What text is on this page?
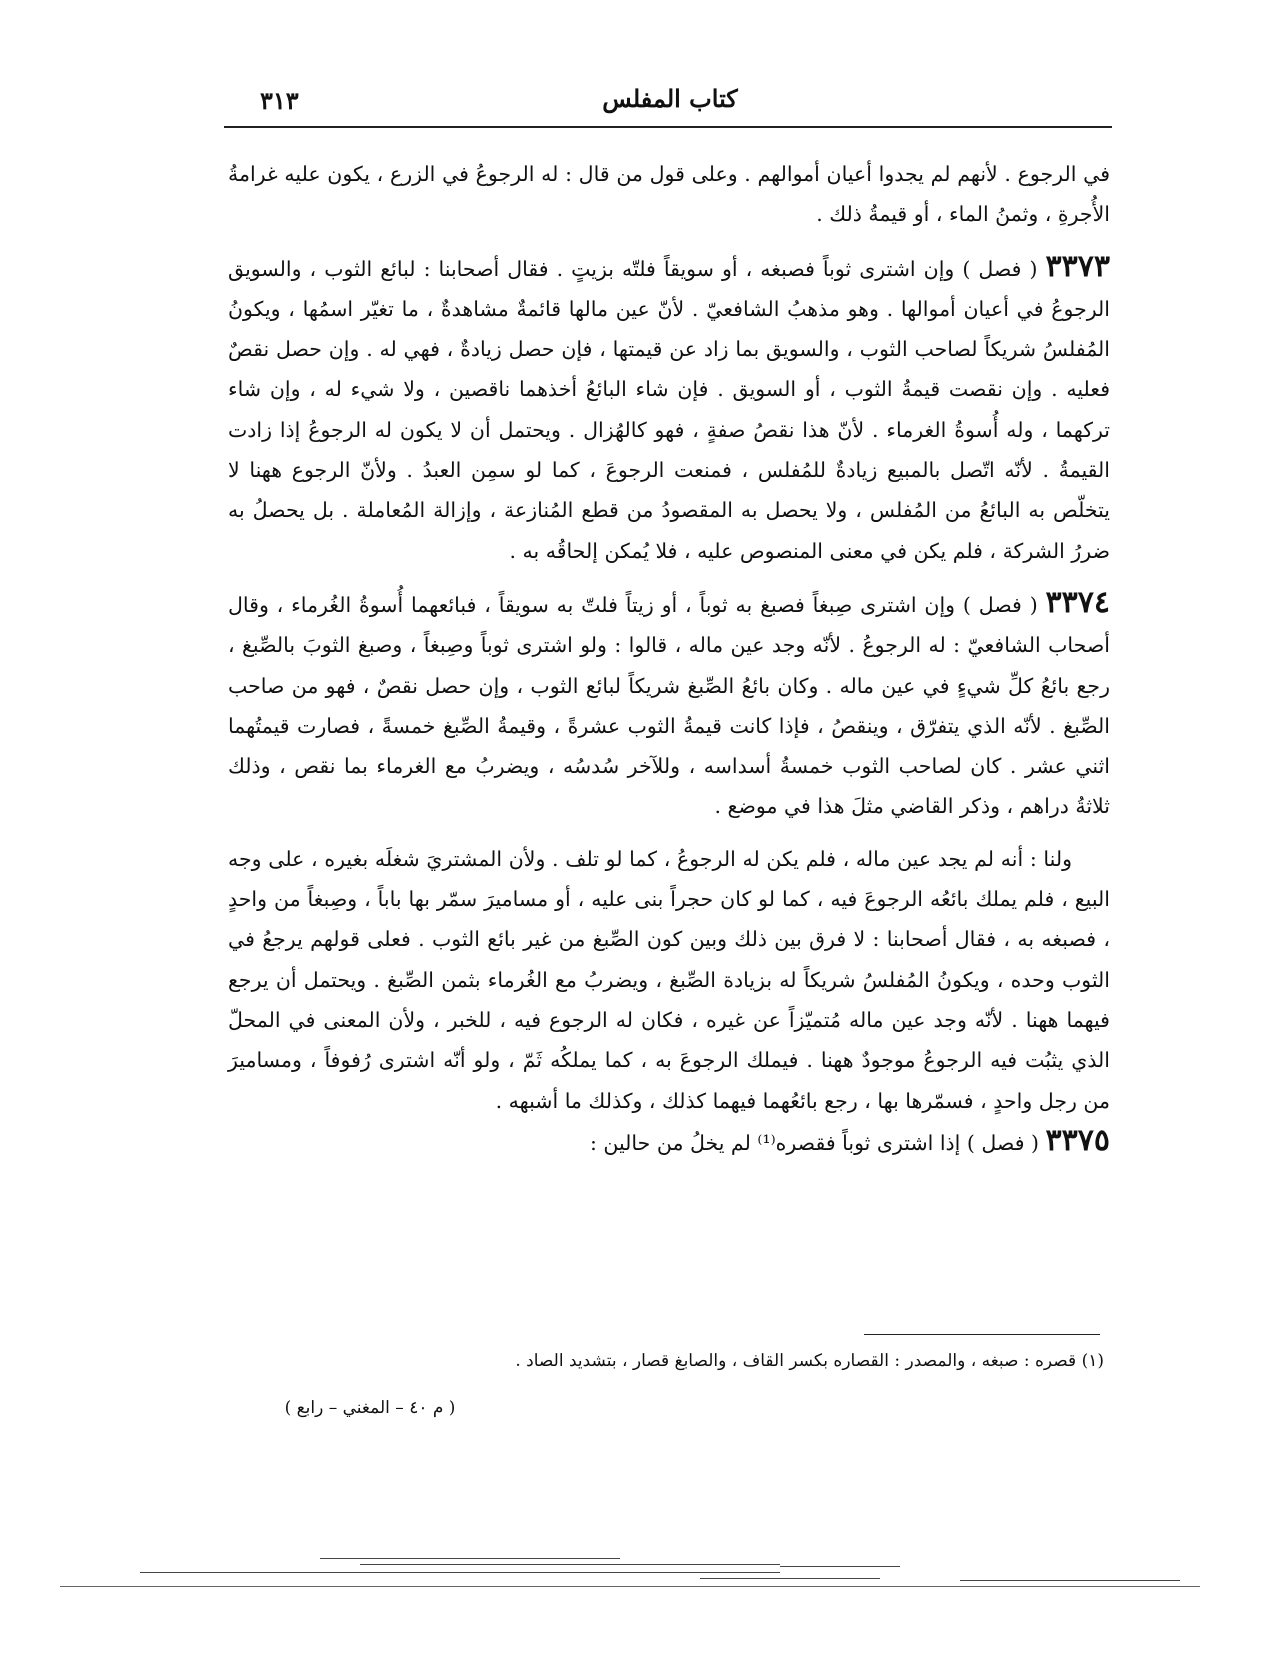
كتاب المفلس
٣١٣

في الرجوع . لأنهم لم يجدوا أعيان أموالهم . وعلى قول من قال : له الرجوعُ في الزرع ، يكون عليه غرامةُ الأُجرةِ ، وثمنُ الماء ، أو قيمةُ ذلك .

٣٣٧٣ ( فصل ) وإن اشترى ثوباً فصبغه ، أو سويقاً فلتّه بزيتٍ . فقال أصحابنا : لبائع الثوب ، والسويق الرجوعُ في أعيان أموالها . وهو مذهبُ الشافعيّ . لأنّ عين مالها قائمةٌ مشاهدةٌ ، ما تغيّر اسمُها ، ويكونُ المُفلسُ شريكاً لصاحب الثوب ، والسويق بما زاد عن قيمتها ، فإن حصل زيادةٌ ، فهي له . وإن حصل نقصٌ فعليه . وإن نقصت قيمةُ الثوب ، أو السويق . فإن شاء البائعُ أخذهما ناقصين ، ولا شيء له ، وإن شاء تركهما ، وله أُسوةُ الغرماء . لأنّ هذا نقصُ صفةٍ ، فهو كالهُزال . ويحتمل أن لا يكون له الرجوعُ إذا زادت القيمةُ . لأنّه اتّصل بالمبيع زيادةٌ للمُفلس ، فمنعت الرجوعَ ، كما لو سمِن العبدُ . ولأنّ الرجوع ههنا لا يتخلّص به البائعُ من المُفلس ، ولا يحصل به المقصودُ من قطع المُنازعة ، وإزالة المُعاملة . بل يحصلُ به ضررُ الشركة ، فلم يكن في معنى المنصوص عليه ، فلا يُمكن إلحاقُه به .

٣٣٧٤ ( فصل ) وإن اشترى صِبغاً فصبغ به ثوباً ، أو زيتاً فلتّ به سويقاً ، فبائعهما أُسوةُ الغُرماء ، وقال أصحاب الشافعيّ : له الرجوعُ . لأنّه وجد عين ماله ، قالوا : ولو اشترى ثوباً وصِبغاً ، وصبغ الثوبَ بالصِّبغ ، رجع بائعُ كلِّ شيءٍ في عين ماله . وكان بائعُ الصِّبغ شريكاً لبائع الثوب ، وإن حصل نقصٌ ، فهو من صاحب الصِّبغ . لأنّه الذي يتفرّق ، وينقصُ ، فإذا كانت قيمةُ الثوب عشرةً ، وقيمةُ الصِّبغ خمسةً ، فصارت قيمتُهما اثني عشر . كان لصاحب الثوب خمسةُ أسداسه ، وللآخر سُدسُه ، ويضربُ مع الغرماء بما نقص ، وذلك ثلاثةُ دراهم ، وذكر القاضي مثلَ هذا في موضع .

ولنا : أنه لم يجد عين ماله ، فلم يكن له الرجوعُ ، كما لو تلف . ولأن المشتريَ شغلَه بغيره ، على وجه البيع ، فلم يملك بائعُه الرجوعَ فيه ، كما لو كان حجراً بنى عليه ، أو مساميرَ سمّر بها باباً ، وصِبغاً من واحدٍ ، فصبغه به ، فقال أصحابنا : لا فرق بين ذلك وبين كون الصِّبغ من غير بائع الثوب . فعلى قولهم يرجعُ في الثوب وحده ، ويكونُ المُفلسُ شريكاً له بزيادة الصِّبغ ، ويضربُ مع الغُرماء بثمن الصِّبغ . ويحتمل أن يرجع فيهما ههنا . لأنّه وجد عين ماله مُتميّزاً عن غيره ، فكان له الرجوع فيه ، للخبر ، ولأن المعنى في المحلّ الذي يثبُت فيه الرجوعُ موجودٌ ههنا . فيملك الرجوعَ به ، كما يملكُه ثَمّ ، ولو أنّه اشترى رُفوفاً ، ومساميرَ من رجل واحدٍ ، فسمّرها بها ، رجع بائعُهما فيهما كذلك ، وكذلك ما أشبهه .

٣٣٧٥ ( فصل ) إذا اشترى ثوباً فقصره⁽¹⁾ لم يخلُ من حالين :

(١) قصره : صبغه ، والمصدر : القصاره بكسر القاف ، والصابغ قصار ، بتشديد الصاد .
( م ٤٠ – المغني – رابع )
